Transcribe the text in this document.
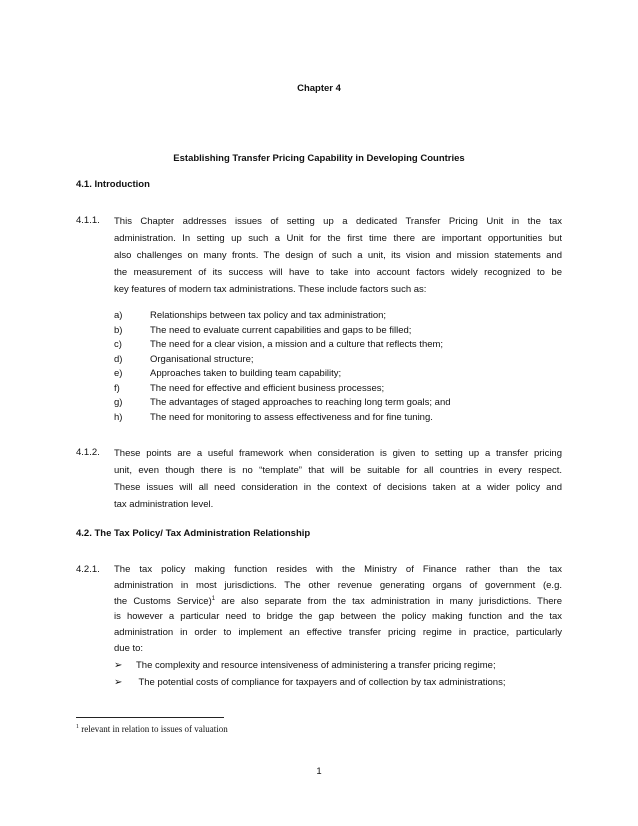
Chapter 4
Establishing Transfer Pricing Capability in Developing Countries
4.1. Introduction
4.1.1. This Chapter addresses issues of setting up a dedicated Transfer Pricing Unit in the tax
administration. In setting up such a Unit for the first time there are important opportunities but
also challenges on many fronts. The design of such a unit, its vision and mission statements and
the measurement of its success will have to take into account factors widely recognized to be
key features of modern tax administrations. These include factors such as:
a)	Relationships between tax policy and tax administration;
b)	The need to evaluate current capabilities and gaps to be filled;
c)	The need for a clear vision, a mission and a culture that reflects them;
d)	Organisational structure;
e)	Approaches taken to building team capability;
f)	The need for effective and efficient business processes;
g)	The advantages of staged approaches to reaching long term goals; and
h)	The need for monitoring to assess effectiveness and for fine tuning.
4.1.2. These points are a useful framework when consideration is given to setting up a transfer pricing
unit, even though there is no “template” that will be suitable for all countries in every respect.
These issues will all need consideration in the context of decisions taken at a wider policy and
tax administration level.
4.2. The Tax Policy/ Tax Administration Relationship
4.2.1. The tax policy making function resides with the Ministry of Finance rather than the tax
administration in most jurisdictions. The other revenue generating organs of government (e.g.
the Customs Service)$^1$ are also separate from the tax administration in many jurisdictions. There
is however a particular need to bridge the gap between the policy making function and the tax
administration in order to implement an effective transfer pricing regime in practice, particularly
due to:
➢ The complexity and resource intensiveness of administering a transfer pricing regime;
➢ The potential costs of compliance for taxpayers and of collection by tax administrations;
$^1$ relevant in relation to issues of valuation
1
